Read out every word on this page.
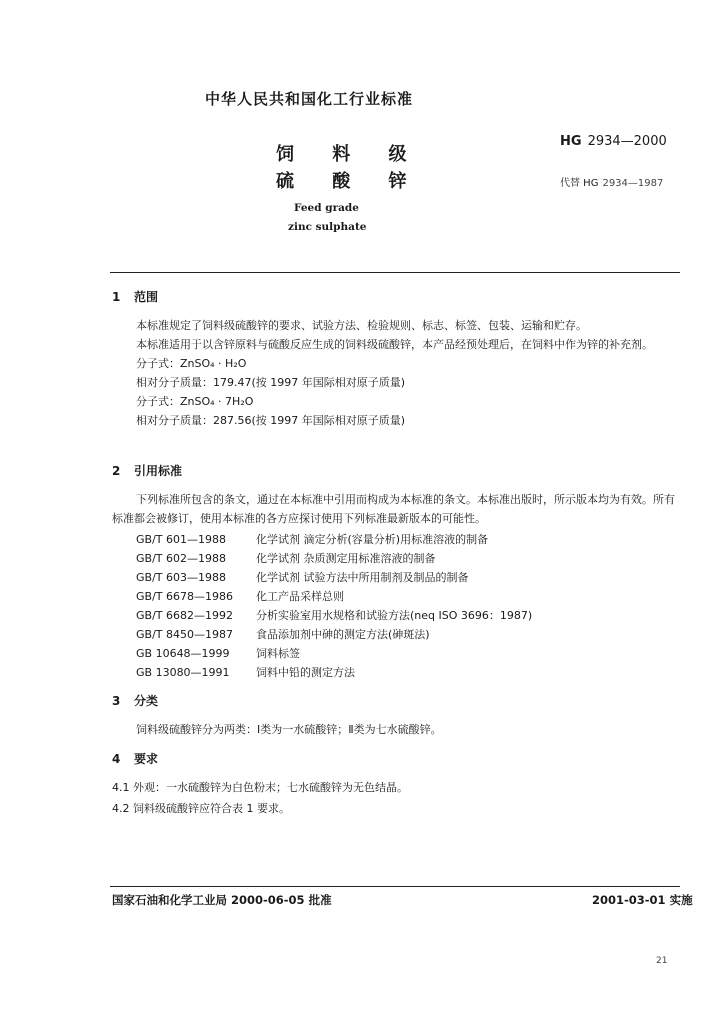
中华人民共和国化工行业标准
HG 2934—2000
代替 HG 2934—1987
饲 料 级
硫 酸 锌
Feed grade
zinc sulphate
1 范围

本标准规定了饲料级硫酸锌的要求、试验方法、检验规则、标志、标签、包装、运输和贮存。

本标准适用于以含锌原料与硫酸反应生成的饲料级硫酸锌，本产品经预处理后，在饲料中作为锌的补充剂。

分子式：ZnSO₄ · H₂O

相对分子质量：179.47(按 1997 年国际相对原子质量)

分子式：ZnSO₄ · 7H₂O

相对分子质量：287.56(按 1997 年国际相对原子质量)

2 引用标准

下列标准所包含的条文，通过在本标准中引用而构成为本标准的条文。本标准出版时，所示版本均为有效。所有标准都会被修订，使用本标准的各方应探讨使用下列标准最新版本的可能性。

GB/T 601—1988	化学试剂 滴定分析(容量分析)用标准溶液的制备
GB/T 602—1988	化学试剂 杂质测定用标准溶液的制备
GB/T 603—1988	化学试剂 试验方法中所用制剂及制品的制备
GB/T 6678—1986 化工产品采样总则
GB/T 6682—1992 分析实验室用水规格和试验方法(neq ISO 3696：1987)
GB/T 8450—1987 食品添加剂中砷的测定方法(砷斑法)
GB 10648—1999 饲料标签
GB 13080—1991 饲料中铅的测定方法
3 分类

饲料级硫酸锌分为两类：Ⅰ类为一水硫酸锌；Ⅱ类为七水硫酸锌。

4 要求
4.1 外观：一水硫酸锌为白色粉末；七水硫酸锌为无色结晶。
4.2 饲料级硫酸锌应符合表 1 要求。
国家石油和化学工业局 2000-06-05 批准	2001-03-01 实施
21
